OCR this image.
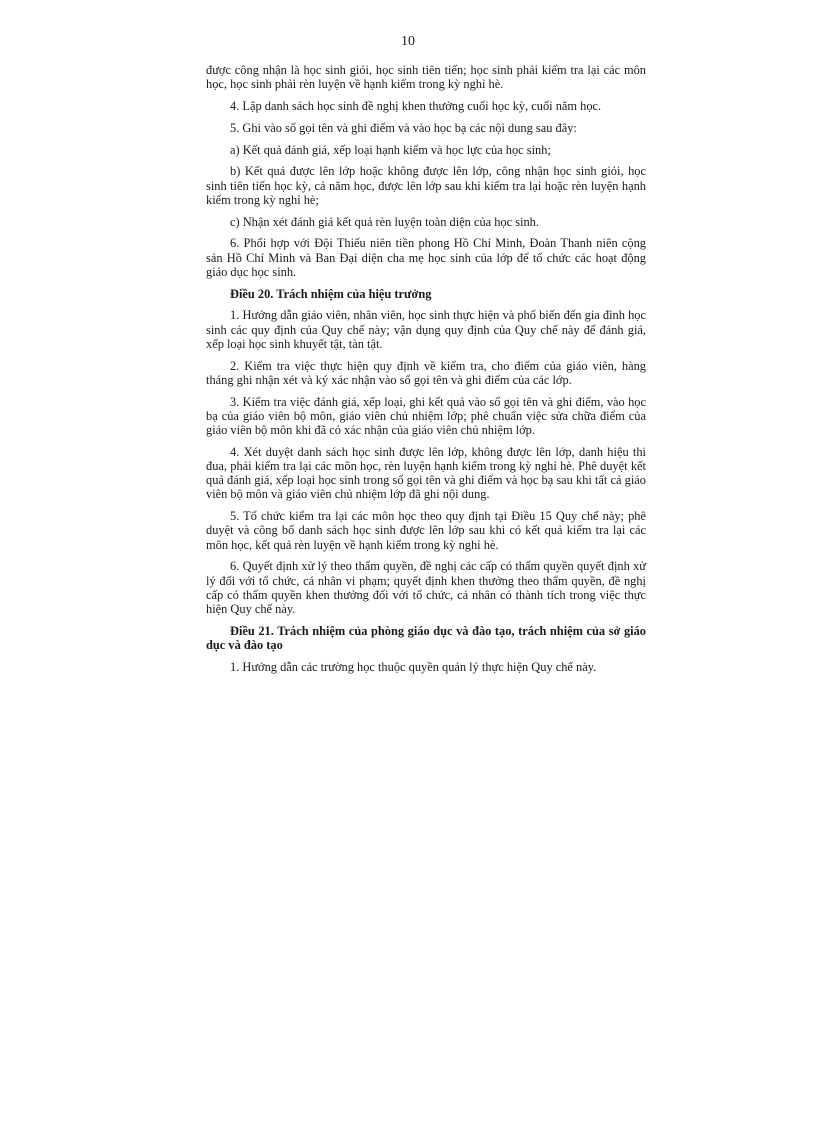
10

được công nhận là học sinh giỏi, học sinh tiên tiến; học sinh phải kiểm tra lại các môn học, học sinh phải rèn luyện về hạnh kiểm trong kỳ nghỉ hè.

4. Lập danh sách học sinh đề nghị khen thưởng cuối học kỳ, cuối năm học.

5. Ghi vào sổ gọi tên và ghi điểm và vào học bạ các nội dung sau đây:

a) Kết quả đánh giá, xếp loại hạnh kiểm và học lực của học sinh;

b) Kết quả được lên lớp hoặc không được lên lớp, công nhận học sinh giỏi, học sinh tiên tiến học kỳ, cả năm học, được lên lớp sau khi kiểm tra lại hoặc rèn luyện hạnh kiểm trong kỳ nghỉ hè;

c) Nhận xét đánh giá kết quả rèn luyện toàn diện của học sinh.

6. Phối hợp với Đội Thiếu niên tiền phong Hồ Chí Minh, Đoàn Thanh niên cộng sản Hồ Chí Minh và Ban Đại diện cha mẹ học sinh của lớp để tổ chức các hoạt động giáo dục học sinh.

Điều 20. Trách nhiệm của hiệu trưởng

1. Hướng dẫn giáo viên, nhân viên, học sinh thực hiện và phổ biến đến gia đình học sinh các quy định của Quy chế này; vận dụng quy định của Quy chế này để đánh giá, xếp loại học sinh khuyết tật, tàn tật.

2. Kiểm tra việc thực hiện quy định về kiểm tra, cho điểm của giáo viên, hàng tháng ghi nhận xét và ký xác nhận vào sổ gọi tên và ghi điểm của các lớp.

3. Kiểm tra việc đánh giá, xếp loại, ghi kết quả vào sổ gọi tên và ghi điểm, vào học bạ của giáo viên bộ môn, giáo viên chủ nhiệm lớp; phê chuẩn việc sửa chữa điểm của giáo viên bộ môn khi đã có xác nhận của giáo viên chủ nhiệm lớp.

4. Xét duyệt danh sách học sinh được lên lớp, không được lên lớp, danh hiệu thi đua, phải kiểm tra lại các môn học, rèn luyện hạnh kiểm trong kỳ nghỉ hè. Phê duyệt kết quả đánh giá, xếp loại học sinh trong sổ gọi tên và ghi điểm và học bạ sau khi tất cả giáo viên bộ môn và giáo viên chủ nhiệm lớp đã ghi nội dung.

5. Tổ chức kiểm tra lại các môn học theo quy định tại Điều 15 Quy chế này; phê duyệt và công bố danh sách học sinh được lên lớp sau khi có kết quả kiểm tra lại các môn học, kết quả rèn luyện về hạnh kiểm trong kỳ nghỉ hè.

6. Quyết định xử lý theo thẩm quyền, đề nghị các cấp có thẩm quyền quyết định xử lý đối với tổ chức, cá nhân vi phạm; quyết định khen thưởng theo thẩm quyền, đề nghị cấp có thẩm quyền khen thưởng đối với tổ chức, cá nhân có thành tích trong việc thực hiện Quy chế này.

Điều 21. Trách nhiệm của phòng giáo dục và đào tạo, trách nhiệm của sở giáo dục và đào tạo

1. Hướng dẫn các trường học thuộc quyền quản lý thực hiện Quy chế này.
